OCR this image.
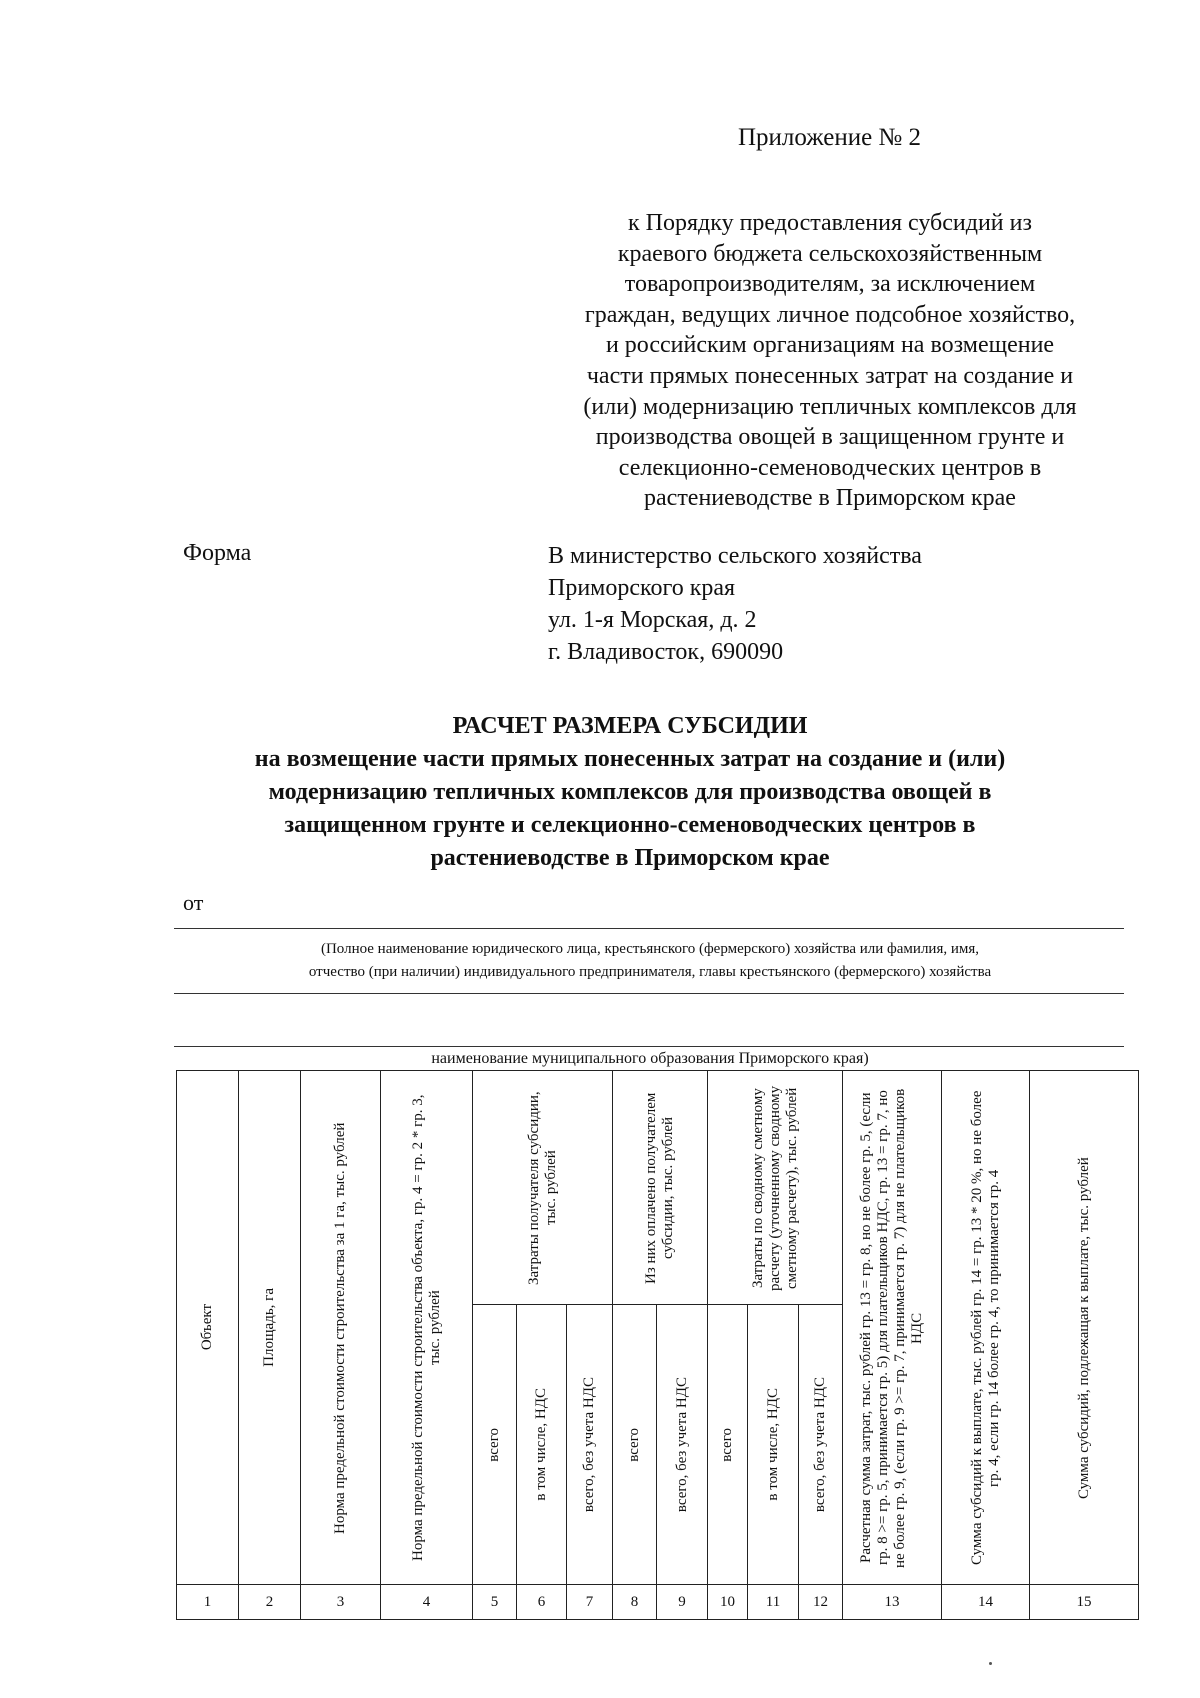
Приложение № 2
к Порядку предоставления субсидий из
краевого бюджета сельскохозяйственным
товаропроизводителям, за исключением
граждан, ведущих личное подсобное хозяйство,
и российским организациям на возмещение
части прямых понесенных затрат на создание и
(или) модернизацию тепличных комплексов для
производства овощей в защищенном грунте и
селекционно-семеноводческих центров в
растениеводстве в Приморском крае
Форма	В министерство сельского хозяйства
Приморского края
ул. 1-я Морская, д. 2
г. Владивосток, 690090
РАСЧЕТ РАЗМЕРА СУБСИДИИ
на возмещение части прямых понесенных затрат на создание и (или)
модернизацию тепличных комплексов для производства овощей в
защищенном грунте и селекционно-семеноводческих центров в
растениеводстве в Приморском крае
от
(Полное наименование юридического лица, крестьянского (фермерского) хозяйства или фамилия, имя,
отчество (при наличии) индивидуального предпринимателя, главы крестьянского (фермерского) хозяйства
наименование муниципального образования Приморского края)
Объект	Площадь, га	Норма предельной стоимости строительства за 1 га, тыс. рублей	Норма предельной стоимости строительства объекта, гр. 4 = гр. 2 * гр. 3, тыс. рублей	Затраты получателя субсидии, тыс. рублей			Из них оплачено получателем субсидии, тыс. рублей		Затраты по сводному сметному расчету (уточненному сводному сметному расчету), тыс. рублей			Расчетная сумма затрат, тыс. рублей гр. 13 = гр. 8, но не более гр. 5, (если гр. 8 >= гр. 5, принимается гр. 5) для плательщиков НДС, гр. 13 = гр. 7, но не более гр. 9, (если гр. 9 >= гр. 7, принимается гр. 7) для не плательщиков НДС	Сумма субсидий к выплате, тыс. рублей гр. 14 = гр. 13 * 20 %, но не более гр. 4, если гр. 14 более гр. 4, то принимается гр. 4	Сумма субсидий, подлежащая к выплате, тыс. рублей

				всего	в том числе, НДС	всего, без учета НДС	всего	всего, без учета НДС	всего	в том числе, НДС	всего, без учета НДС			

1	2	3	4	5	6	7	8	9	10	11	12	13	14	15
